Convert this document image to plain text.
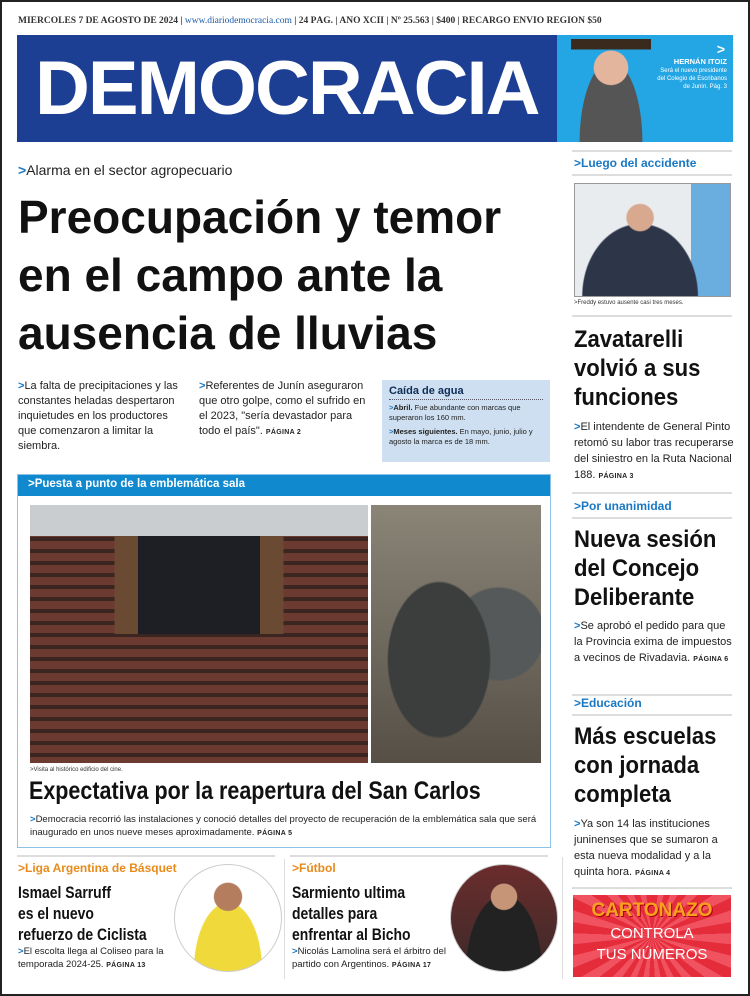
MIÉRCOLES 7 DE AGOSTO DE 2024 | www.diariodemocracia.com | 24 PÁG. | AÑO XCII | Nº 25.563 | $400 | RECARGO ENVÍO REGIÓN $50
DEMOCRACIA	>
HERNÁN ITOIZ
Será el nuevo presidente del Colegio de Escribanos de Junín. Pág. 3
>Alarma en el sector agropecuario
Preocupación y temor en el campo ante la ausencia de lluvias
>La falta de precipitaciones y las constantes heladas despertaron inquietudes en los productores que comenzaron a limitar la siembra.
>Referentes de Junín aseguraron que otro golpe, como el sufrido en el 2023, "sería devastador para todo el país". PÁGINA 2
Caída de agua

>Abril. Fue abundante con marcas que superaron los 160 mm.

>Meses siguientes. En mayo, junio, julio y agosto la marca es de 18 mm.

>Puesta a punto de la emblemática sala
>Visita al histórico edificio del cine.
Expectativa por la reapertura del San Carlos
>Democracia recorrió las instalaciones y conoció detalles del proyecto de recuperación de la emblemática sala que será inaugurado en unos nueve meses aproximadamente. PÁGINA 5
>Luego del accidente
>Freddy estuvo ausente casi tres meses.
Zavatarelli
volvió a sus
funciones
>El intendente de General Pinto retomó su labor tras recuperarse del siniestro en la Ruta Nacional 188. PÁGINA 3
>Por unanimidad
Nueva sesión
del Concejo
Deliberante
>Se aprobó el pedido para que la Provincia exima de impuestos a vecinos de Rivadavia. PÁGINA 6
>Educación
Más escuelas
con jornada
completa
>Ya son 14 las instituciones juninenses que se sumaron a esta nueva modalidad y a la quinta hora. PÁGINA 4
CARTONAZO
CONTROLA
TUS NÚMEROS
>Liga Argentina de Básquet
Ismael Sarruff
es el nuevo
refuerzo de Ciclista
>El escolta llega al Coliseo para la temporada 2024-25. PÁGINA 13
>Fútbol
Sarmiento ultima
detalles para
enfrentar al Bicho
>Nicolás Lamolina será el árbitro del partido con Argentinos. PÁGINA 17
